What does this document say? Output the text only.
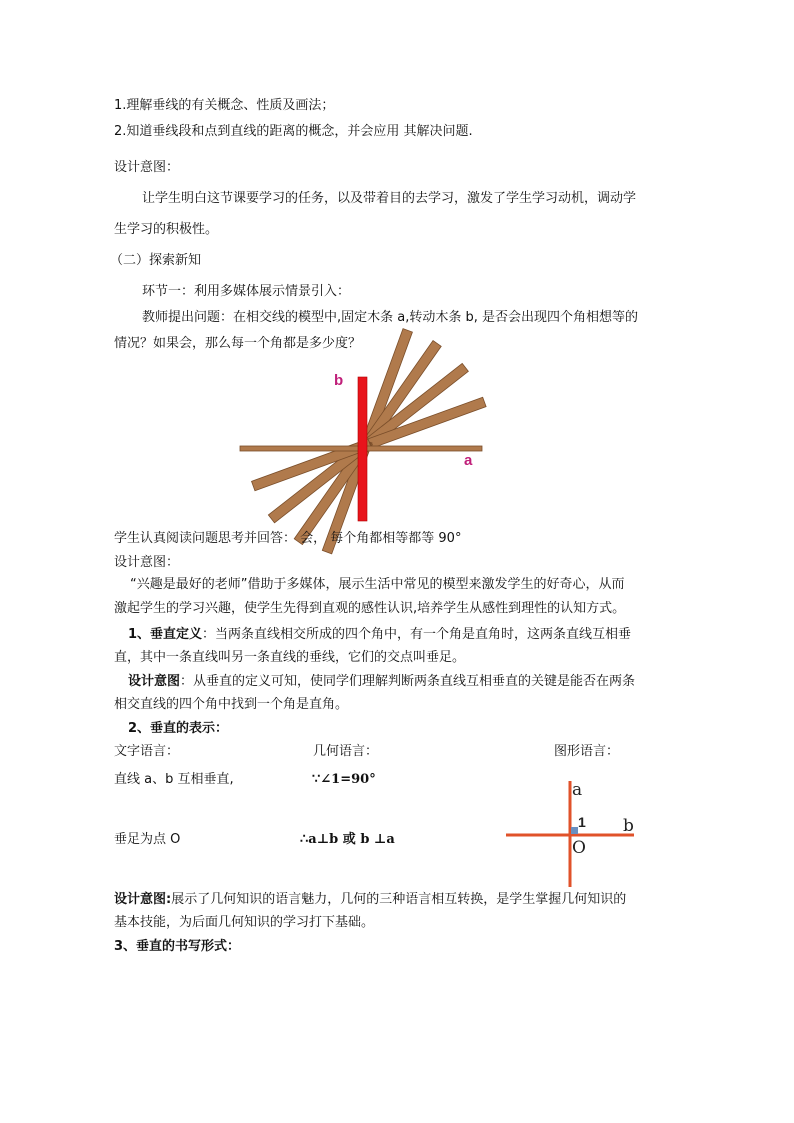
1.理解垂线的有关概念、性质及画法；
2.知道垂线段和点到直线的距离的概念，并会应用 其解决问题.
设计意图：
让学生明白这节课要学习的任务，以及带着目的去学习，激发了学生学习动机，调动学
生学习的积极性。
（二）探索新知
环节一：利用多媒体展示情景引入：
教师提出问题：在相交线的模型中,固定木条 a,转动木条 b, 是否会出现四个角相想等的
情况？如果会，那么每一个角都是多少度？
b
a
学生认真阅读问题思考并回答： 会， 每个角都相等都等 90°
设计意图：
“兴趣是最好的老师”借助于多媒体，展示生活中常见的模型来激发学生的好奇心，从而
激起学生的学习兴趣，使学生先得到直观的感性认识,培养学生从感性到理性的认知方式。
1、垂直定义：当两条直线相交所成的四个角中，有一个角是直角时，这两条直线互相垂
直，其中一条直线叫另一条直线的垂线，它们的交点叫垂足。
设计意图：从垂直的定义可知，使同学们理解判断两条直线互相垂直的关键是能否在两条
相交直线的四个角中找到一个角是直角。
2、垂直的表示：
文字语言：	几何语言：	图形语言：
直线 a、b 互相垂直,	∵∠1=90°
垂足为点 O	∴a⊥b 或 b ⊥a
a
b
1
O
设计意图:展示了几何知识的语言魅力，几何的三种语言相互转换，是学生掌握几何知识的
基本技能，为后面几何知识的学习打下基础。
3、垂直的书写形式：
